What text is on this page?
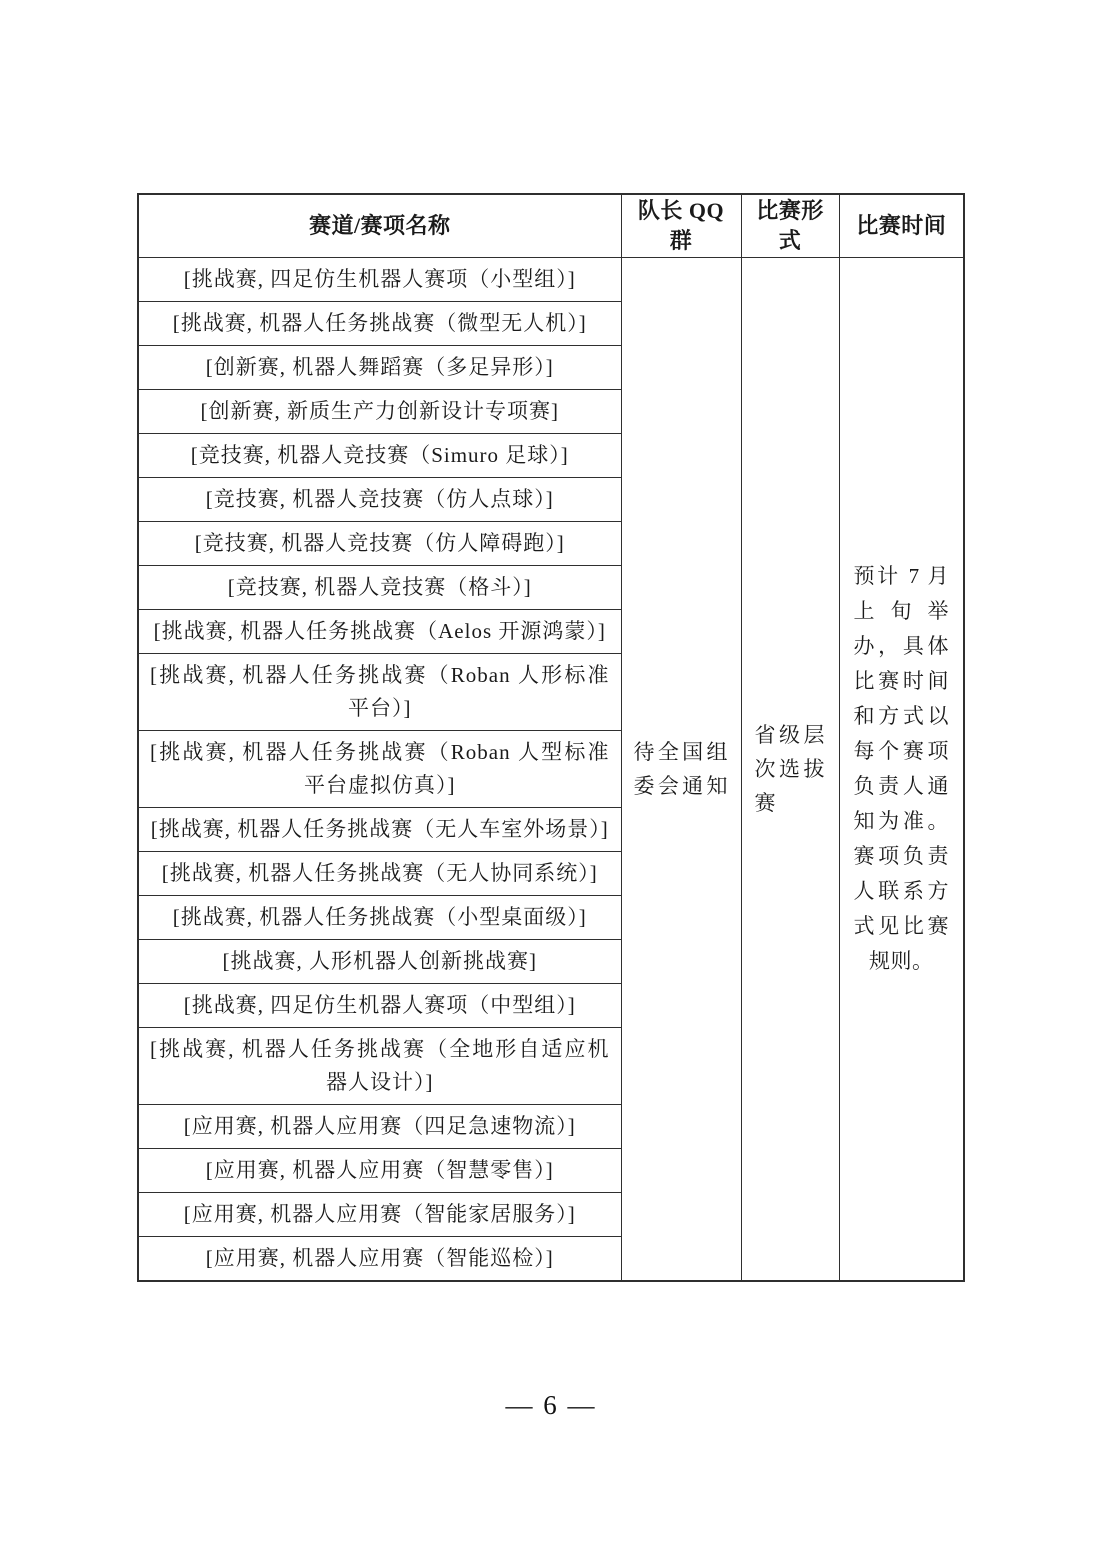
赛道/赛项名称	队长 QQ 群	比赛形式	比赛时间
[挑战赛, 四足仿生机器人赛项（小型组）]	待全国组委会通知	省级层次选拔赛	预计 7 月上旬举办，具体比赛时间和方式以每个赛项负责人通知为准。赛项负责人联系方式见比赛规则。
[挑战赛, 机器人任务挑战赛（微型无人机）]			
[创新赛, 机器人舞蹈赛（多足异形）]			
[创新赛, 新质生产力创新设计专项赛]			
[竞技赛, 机器人竞技赛（Simuro 足球）]			
[竞技赛, 机器人竞技赛（仿人点球）]			
[竞技赛, 机器人竞技赛（仿人障碍跑）]			
[竞技赛, 机器人竞技赛（格斗）]			
[挑战赛, 机器人任务挑战赛（Aelos 开源鸿蒙）]			
[挑战赛, 机器人任务挑战赛（Roban 人形标准平台）]			
[挑战赛, 机器人任务挑战赛（Roban 人型标准平台虚拟仿真）]			
[挑战赛, 机器人任务挑战赛（无人车室外场景）]			
[挑战赛, 机器人任务挑战赛（无人协同系统）]			
[挑战赛, 机器人任务挑战赛（小型桌面级）]			
[挑战赛, 人形机器人创新挑战赛]			
[挑战赛, 四足仿生机器人赛项（中型组）]			
[挑战赛, 机器人任务挑战赛（全地形自适应机器人设计）]			
[应用赛, 机器人应用赛（四足急速物流）]			
[应用赛, 机器人应用赛（智慧零售）]			
[应用赛, 机器人应用赛（智能家居服务）]			
[应用赛, 机器人应用赛（智能巡检）]			
— 6 —
